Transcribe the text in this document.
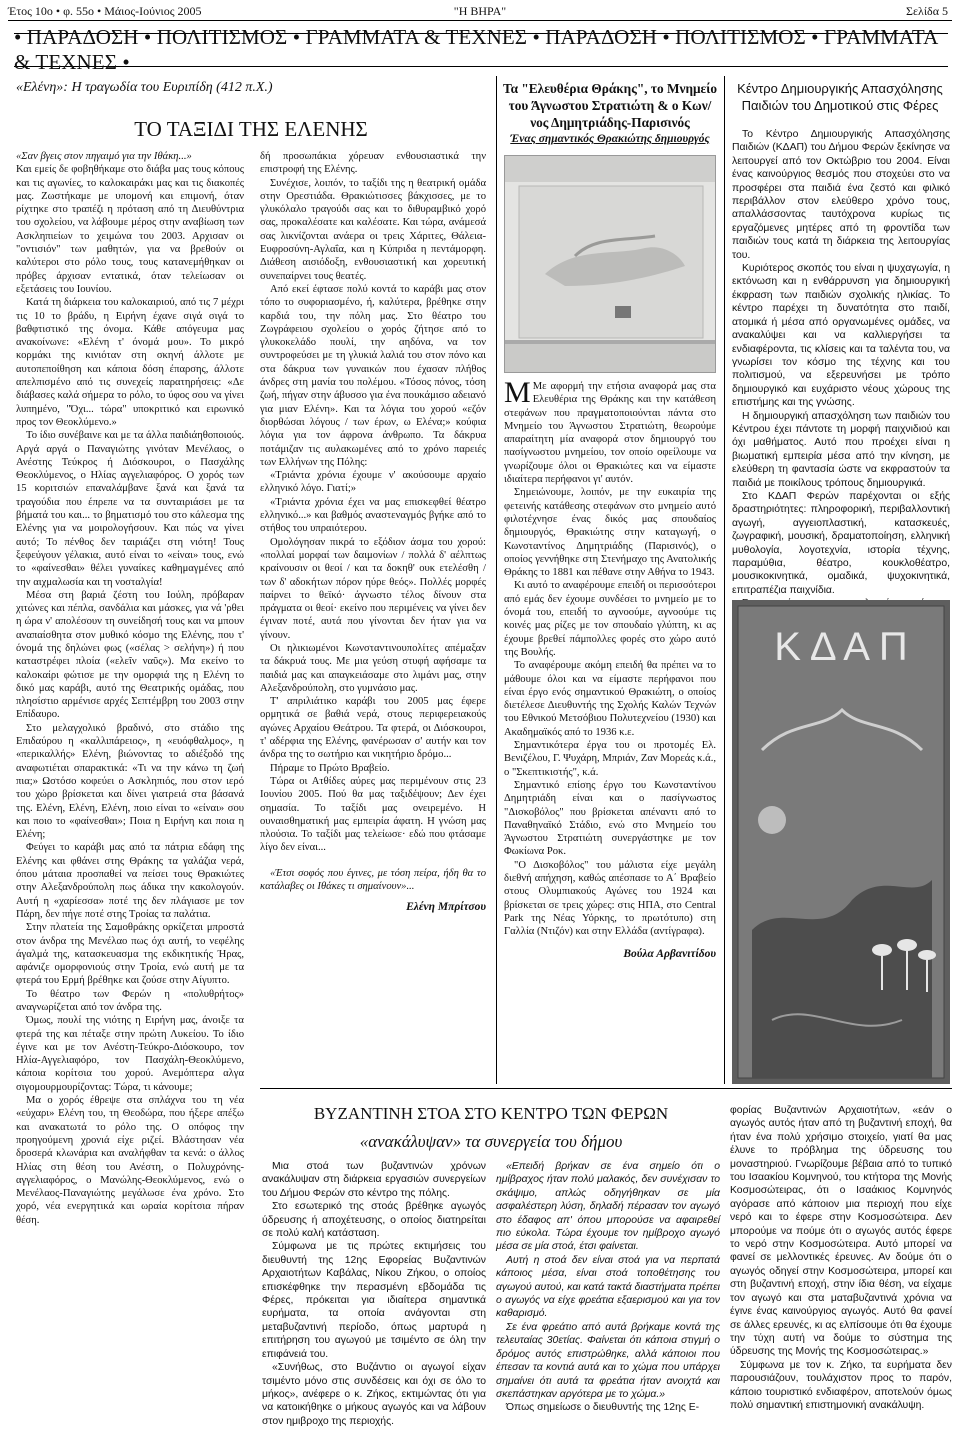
Έτος 10ο • φ. 55ο • Μάιος-Ιούνιος 2005	"Η ΒΗΡΑ"	Σελίδα 5
• ΠΑΡΑΔΟΣΗ • ΠΟΛΙΤΙΣΜΟΣ • ΓΡΑΜΜΑΤΑ & ΤΕΧΝΕΣ • ΠΑΡΑΔΟΣΗ • ΠΟΛΙΤΙΣΜΟΣ • ΓΡΑΜΜΑΤΑ & ΤΕΧΝΕΣ •
«Ελένη»: Η τραγωδία του Ευριπίδη (412 π.Χ.)
ΤΟ ΤΑΞΙΔΙ ΤΗΣ ΕΛΕΝΗΣ

«Σαν βγεις στον πηγαιμό για την Ιθάκη...»

Και εμείς δε φοβηθήκαμε στο διάβα μας τους κόπους και τις αγωνίες, το καλοκαιράκι μας και τις διακοπές μας. Ζωστήκαμε με υπομονή και επιμονή, όταν ρίχτηκε στο τραπέζι η πρόταση από τη Διευθύντρια του σχολείου, να λάβουμε μέρος στην αναβίωση των Ασκληπιείων το χειμώνα του 2003. Αρχισαν οι "οντισιόν" των μαθητών, για να βρεθούν οι καλύτεροι στο ρόλο τους, τους κατανεμήθηκαν οι πρόβες άρχισαν εντατικά, όταν τελείωσαν οι εξετάσεις του Ιουνίου.

Κατά τη διάρκεια του καλοκαιριού, από τις 7 μέχρι τις 10 το βράδυ, η Ειρήνη έχανε σιγά σιγά το βαθφτιστικό της όνομα. Κάθε απόγευμα μας ανακοίνωνε: «Ελένη τ' όνομά μου». Το μικρό κορμάκι της κινιόταν στη σκηνή άλλοτε με αυτοπεποίθηση και κάποια δόση έπαρσης, άλλοτε απελπισμένο από τις συνεχείς παρατηρήσεις: «Δε διάβασες καλά σήμερα το ρόλο, το ύφος σου να γίνει λυπημένο, "Όχι... τώρα" υποκριτικό και ειρωνικό προς τον Θεοκλύμενο.»

Το ίδιο συνέβαινε και με τα άλλα παιδιάηθοποιούς. Αργά αργά ο Παναγιώτης γινόταν Μενέλαος, ο Ανέστης Τεύκρος ή Διόσκουροι, ο Πασχάλης Θεοκλύμενος, ο Ηλίας αγγελιαφόρος. Ο χορός των 15 κοριτσιών επαναλάμβανε ξανά και ξανά τα τραγούδια που έπρεπε να τα συνταιριάσει με τα βήματά του και... το βηματισμό του στο κάλεσμα της Ελένης για να μοιρολογήσουν. Και πώς να γίνει αυτό; Το πένθος δεν ταιριάζει στη νιότη! Τους ξεφεύγουν γέλακια, αυτό είναι το «είναι» τους, ενώ το «φαίνεσθαι» θέλει γυναίκες καθημαγμένες από την αιχμαλωσία και τη νοσταλγία!

Μέσα στη βαριά ζέστη του Ιούλη, πρόβαραν χιτώνες και πέπλα, σανδάλια και μάσκες, για νά 'ρθει η ώρα ν' απολέσουν τη συνείδησή τους και να μπουν αναπαίσθητα στον μυθικό κόσμο της Ελένης, που τ' όνομά της δηλώνει φως («σέλας > σελήνη») ή που καταστρέφει πλοία («ελεῖν ναῦς»). Μα εκείνο το καλοκαίρι φώτισε με την ομορφιά της η Ελένη το δικό μας καράβι, αυτό της Θεατρικής ομάδας, που πλησίστιο αρμένισε αρχές Σεπτέμβρη του 2003 στην Επίδαυρο.

Στο μελαγχολικό βραδινό, στο στάδιο της Επιδαύρου η «καλλιπάρειος», η «ευόφθαλμος», η «περικαλλής» Ελένη, βιώνοντας το αδιέξοδό της αναφωτιέται σπαρακτικά: «Τι να την κάνω τη ζωή πια;» Ωστόσο κοφεύει ο Ασκληπιός, που στον ιερό του χώρο βρίσκεται και δίνει γιατρειά στα βάσανά της. Ελένη, Ελένη, Ελένη, ποιο είναι το «είναι» σου και ποιο το «φαίνεσθαι»; Ποια η Ειρήνη και ποια η Ελένη;

Φεύγει το καράβι μας από τα πάτρια εδάφη της Ελένης και φθάνει στης Θράκης τα γαλάζια νερά, όπου μάταια προσπαθεί να πείσει τους Θρακιώτες στην Αλεξανδρούπολη πως άδικα την κακολογούν. Αυτή η «χαρίεσσα» ποτέ της δεν πλάγιασε με τον Πάρη, δεν πήγε ποτέ στης Τροίας τα παλάτια.

Στην πλατεία της Σαμοθράκης ορκίζεται μπροστά στον άνδρα της Μενέλαο πως όχι αυτή, το νεφέλης άγαλμά της, κατασκευασμα της εκδικητικής Ήρας, αφάνιζε ομορφονιούς στην Τροία, ενώ αυτή με τα φτερά του Ερμή βρέθηκε και ζούσε στην Αίγυπτο.

Το θέατρο των Φερών η «πολυθρήτος» αναγνωρίζεται από τον άνδρα της.

Όμως, πουλί της νιότης η Ειρήνη μας, άνοιξε τα φτερά της και πέταξε στην πρώτη Λυκείου. Το ίδιο έγινε και με τον Ανέστη-Τεύκρο-Διόσκουρο, τον Ηλία-Αγγελιαφόρο, τον Πασχάλη-Θεοκλύμενο, κάποια κορίτσια του χορού. Ανεμόπτερα αλγα σιγομουρμουρίζοντας: Τώρα, τι κάνουμε;

Μα ο χορός έθρεψε στα σπλάχνα του τη νέα «εύχαρι» Ελένη του, τη Θεοδώρα, που ήξερε απέξω και ανακατωτά το ρόλο της. Ο οπόφος την προηγούμενη χρονιά είχε ριζεί. Βλάστησαν νέα δροσερά κλωνάρια και αναλήφθαν τα κενά: ο άλλος Ηλίας στη θέση του Ανέστη, ο Πολυχρόνης-αγγελιαφόρος, ο Μανώλης-Θεοκλύμενος, ενώ ο Μενέλαος-Παναγιώτης μεγάλωσε ένα χρόνο. Στο χορό, νέα ενεργητικά και ωραία κορίτσια πήραν θέση.

δή προσωπάκια χόρευαν ενθουσιαστικά την επιστροφή της Ελένης.

Συνέχισε, λοιπόν, το ταξίδι της η θεατρική ομάδα στην Ορεστιάδα. Θρακιώτισσες βάκχισσες, με το γλυκόλαλο τραγούδι σας και το διθυραμβικό χορό σας, προκαλέσατε και καλέσατε. Και τώρα, ανάμεσά σας λικνίζονται ανάερα οι τρεις Χάριτες, Θάλεια-Ευφροσύνη-Αγλαΐα, και η Κύπριδα η πεντάμορφη. Διάθεση αισιόδοξη, ενθουσιαστική και χορευτική συνεπαίρνει τους θεατές.

Από εκεί έφτασε πολύ κοντά το καράβι μας στον τόπο το συφοριασμένο, ή, καλύτερα, βρέθηκε στην καρδιά του, την πόλη μας. Στο θέατρο του Ζωγράφειου σχολείου ο χορός ζήτησε από το γλυκοκελάδο πουλί, την αηδόνα, να τον συντροφεύσει με τη γλυκιά λαλιά του στον πόνο και στα δάκρυα των γυναικών που έχασαν πλήθος άνδρες στη μανία του πολέμου. «Τόσος πόνος, τόση ζωή, πήγαν στην άβυσσο για ένα πουκάμισο αδειανό για μιαν Ελένη». Και τα λόγια του χορού «εζόν διορθώσαι λόγους / των έρων, ω Ελένα;» κούφια λόγια για τον άφρονα άνθρωπο. Τα δάκρυα ποτάμιζαν τις αυλακωμένες από το χρόνο παρειές των Ελλήνων της Πόλης:

«Τριάντα χρόνια έχουμε ν' ακούσουμε αρχαίο ελληνικό λόγο. Γιατί;»

«Τριάντα χρόνια έχει να μας επισκεφθεί θέατρο ελληνικό...» και βαθμός αναστεναγμός βγήκε από το στήθος του υπραιότερου.

Ομολόγησαν πικρά το εξόδιον άσμα του χορού: «πολλαί μορφαί των δαιμονίων / πολλά δ' αέλπτως κραίνουσιν οι θεοί / και τα δοκηθ' ουκ ετελέσθη / των δ' αδοκήτων πόρον ηύρε θεός». Πολλές μορφές παίρνει το θεϊκό· άγνωστο τέλος δίνουν στα πράγματα οι θεοί· εκείνο που περιμένεις να γίνει δεν έγιναν ποτέ, αυτά που γίνονται δεν ήταν για να γίνουν.

Οι ηλικιωμένοι Κωνσταντινουπολίτες απέμαξαν τα δάκρυά τους. Με μια γεύση στυφή αφήσαμε τα παιδιά μας και απαγκειάσαμε στο λιμάνι μας, στην Αλεξανδρούπολη, στο γυμνάσιο μας.

Τ' απριλιάτικο καράβι του 2005 μας έφερε ορμητικά σε βαθιά νερά, στους περιφερειακούς αγώνες Αρχαίου Θεάτρου. Τα φτερά, οι Διόσκουροι, τ' αδέρφια της Ελένης, φανέρωσαν σ' αυτήν και τον άνδρα της το σωτήριο και νικητήριο δρόμο...

Πήραμε το Πρώτο Βραβείο.

Τώρα οι Ατθίδες αύρες μας περιμένουν στις 23 Ιουνίου 2005. Πού θα μας ταξιδέψουν; Δεν έχει σημασία. Το ταξίδι μας ονειρεμένο. Η ουναισθηματική μας εμπειρία άφατη. Η γνώση μας πλούσια. Το ταξίδι μας τελείωσε· εδώ που φτάσαμε λίγο δεν είναι...

«Έτσι σοφός που έγινες, με τόση πείρα, ήδη θα το κατάλαβες οι Ιθάκες τι σημαίνουν»...

Ελένη Μπρίτσου

Τα "Ελευθέρια Θράκης", το Μνημείο του Άγνωστου Στρατιώτη & ο Κων/νος Δημητριάδης-Παρισινός
Ένας σημαντικός Θρακιώτης δημιουργός

Μ Με αφορμή την ετήσια αναφορά μας στα Ελευθέρια της Θράκης και την κατάθεση στεφάνων που πραγματοποιούνται πάντα στο Μνημείο του Άγνωστου Στρατιώτη, θεωρούμε απαραίτητη μία αναφορά στον δημιουργό του πασίγνωστου μνημείου, τον οποίο οφείλουμε να γνωρίζουμε όλοι οι Θρακιώτες και να είμαστε ιδιαίτερα περήφανοι γι' αυτόν.

Σημειώνουμε, λοιπόν, με την ευκαιρία της φετεινής κατάθεσης στεφάνων στο μνημείο αυτό φιλοτέχνησε ένας δικός μας σπουδαίος δημιουργός, Θρακιώτης στην καταγωγή, ο Κωνσταντίνος Δημητριάδης (Παρισινός), ο οποίος γεννήθηκε στη Στενήμαχο της Ανατολικής Θράκης το 1881 και πέθανε στην Αθήνα το 1943.

Κι αυτό το αναφέρουμε επειδή οι περισσότεροι από εμάς δεν έχουμε συνδέσει το μνημείο με το όνομά του, επειδή το αγνοούμε, αγνοούμε τις κοινές μας ρίζες με τον σπουδαίο γλύπτη, κι ας έχουμε βρεθεί πάμπολλες φορές στο χώρο αυτό της Βουλής.

Το αναφέρουμε ακόμη επειδή θα πρέπει να το μάθουμε όλοι και να είμαστε περήφανοι που είναι έργο ενός σημαντικού Θρακιώτη, ο οποίος διετέλεσε Διευθυντής της Σχολής Καλών Τεχνών του Εθνικού Μετσόβιου Πολυτεχνείου (1930) και Ακαδημαϊκός από το 1936 κ.ε.

Σημαντικότερα έργα του οι προτομές Ελ. Βενιζέλου, Γ. Ψυχάρη, Μπριάν, Ζαν Μορεάς κ.ά., ο "Σκεπτικιστής", κ.ά.

Σημαντικό επίσης έργο του Κωνσταντίνου Δημητριάδη είναι και ο πασίγνωστος "Δισκοβόλος" που βρίσκεται απέναντι από το Παναθηναϊκό Στάδιο, ενώ στο Μνημείο του Άγνωστου Στρατιώτη συνεργάστηκε με τον Φωκίωνα Ροκ.

"Ο Δισκοβόλος" του μάλιστα είχε μεγάλη διεθνή απήχηση, καθώς απέσπασε το Α΄ Βραβείο στους Ολυμπιακούς Αγώνες του 1924 και βρίσκεται σε τρεις χώρες: στις ΗΠΑ, στο Central Park της Νέας Υόρκης, το πρωτότυπο) στη Γαλλία (Ντιζόν) και στην Ελλάδα (αντίγραφα).

Βούλα Αρβανιτίδου

Κέντρο Δημιουργικής Απασχόλησης Παιδιών του Δημοτικού στις Φέρες

Το Κέντρο Δημιουργικής Απασχόλησης Παιδιών (ΚΔΑΠ) του Δήμου Φερών ξεκίνησε να λειτουργεί από τον Οκτώβριο του 2004. Είναι ένας καινούργιος θεσμός που στοχεύει στο να προσφέρει στα παιδιά ένα ζεστό και φιλικό περιβάλλον στον ελεύθερο χρόνο τους, απαλλάσσοντας ταυτόχρονα κυρίως τις εργαζόμενες μητέρες από τη φροντίδα των παιδιών τους κατά τη διάρκεια της λειτουργίας του.

Κυριότερος σκοπός του είναι η ψυχαγωγία, η εκτόνωση και η ενθάρρυνση για δημιουργική έκφραση των παιδιών σχολικής ηλικίας. Το κέντρο παρέχει τη δυνατότητα στο παιδί, ατομικά ή μέσα από οργανωμένες ομάδες, να ανακαλύψει και να καλλιεργήσει τα ενδιαφέροντα, τις κλίσεις και τα ταλέντα του, να γνωρίσει τον κόσμο της τέχνης και του πολιτισμού, να εξερευνήσει με τρόπο δημιουργικό και ευχάριστο νέους χώρους της επιστήμης και της γνώσης.

Η δημιουργική απασχόληση των παιδιών του Κέντρου έχει πάντοτε τη μορφή παιχνιδιού και όχι μαθήματος. Αυτό που προέχει είναι η βιωματική εμπειρία μέσα από την κίνηση, με ελεύθερη τη φαντασία ώστε να εκφραστούν τα παιδιά με ποικίλους τρόπους δημιουργικά.

Στο ΚΔΑΠ Φερών παρέχονται οι εξής δραστηριότητες: πληροφορική, περιβαλλοντική αγωγή, αγγειοπλαστική, κατασκευές, ζωγραφική, μουσική, δραματοποίηση, ελληνική μυθολογία, λογοτεχνία, ιστορία τέχνης, παραμύθια, θέατρο, κουκλοθέατρο, μουσικοκινητικά, ομαδικά, ψυχοκινητικά, επιτραπέζια παιχνίδια.

Κ Δ Α Π
ΒΥΖΑΝΤΙΝΗ ΣΤΟΑ ΣΤΟ ΚΕΝΤΡΟ ΤΩΝ ΦΕΡΩΝ
«ανακάλυψαν» τα συνεργεία του δήμου

Μια στοά των βυζαντινών χρόνων ανακάλυψαν στη διάρκεια εργασιών συνεργείων του Δήμου Φερών στο κέντρο της πόλης.

Στο εσωτερικό της στοάς βρέθηκε αγωγός ύδρευσης ή αποχέτευσης, ο οποίος διατηρείται σε πολύ καλή κατάσταση.

Σύμφωνα με τις πρώτες εκτιμήσεις του διευθυντή της 12ης Εφορείας Βυζαντινών Αρχαιοτήτων Καβάλας, Νίκου Ζήκου, ο οποίος επισκέφθηκε την περασμένη εβδομάδα τις Φέρες, πρόκειται για ιδιαίτερα σημαντικά ευρήματα, τα οποία ανάγονται στη μεταβυζαντινή περίοδο, όπως μαρτυρά η επιτήρηση του αγωγού με τσιμέντο σε όλη την επιφάνειά του.

«Συνήθως, στο Βυζάντιο οι αγωγοί είχαν τσιμέντο μόνο στις συνδέσεις και όχι σε όλο το μήκος», ανέφερε ο κ. Ζήκος, εκτιμώντας ότι για να κατοικήθηκε ο μήκους αγωγός και να λάβουν στον ημιβροχο της περιοχής.

«Επειδή βρήκαν σε ένα σημείο ότι ο ημίβραχος ήταν πολύ μαλακός, δεν συνέχισαν το σκάψιμο, απλώς οδηγήθηκαν σε μία ασφαλέστερη λύση, δηλαδή πέρασαν τον αγωγό στο έδαφος απ' όπου μπορούσε να αφαιρεθεί πιο εύκολα. Τώρα έχουμε τον ημίβροχο αγωγό μέσα σε μία στοά, έτσι φαίνεται.

Αυτή η στοά δεν είναι στοά για να περπατά κάποιος μέσα, είναι στοά τοποθέτησης του αγωγού αυτού, και κατά τακτά διαστήματα πρέπει ο αγωγός να είχε φρεάτια εξαερισμού και για τον καθαρισμό.

Σε ένα φρεάτιο από αυτά βρήκαμε κοντά της τελευταίας 30ετίας. Φαίνεται ότι κάποια στιγμή ο δρόμος αυτός επιστρώθηκε, αλλά κάποιοι που έπεσαν τα κοντιά αυτά και το χώμα που υπάρχει σημαίνει ότι αυτά τα φρεάτια ήταν ανοιχτά και σκεπάστηκαν αργότερα με το χώμα.»

Όπως σημείωσε ο διευθυντής της 12ης Ε-

φορίας Βυζαντινών Αρχαιοτήτων, «εάν ο αγωγός αυτός ήταν από τη βυζαντινή εποχή, θα ήταν ένα πολύ χρήσιμο στοιχείο, γιατί θα μας έλυνε το πρόβλημα της ύδρευσης του μοναστηριού. Γνωρίζουμε βέβαια από το τυπικό του Ισαακίου Κομνηνού, του κτήτορα της Μονής Κοσμοσώτειρας, ότι ο Ισαάκιος Κομνηνός αγόρασε από κάποιον μια περιοχή που είχε νερό και το έφερε στην Κοσμοσώτειρα. Δεν μπορούμε να πούμε ότι ο αγωγός αυτός έφερε το νερό στην Κοσμοσώτειρα. Αυτό μπορεί να φανεί σε μελλοντικές έρευνες. Αν δούμε ότι ο αγωγός οδηγεί στην Κοσμοσώτειρα, μπορεί και στη βυζαντινή εποχή, στην ίδια θέση, να είχαμε τον αγωγό και στα ματαβυζαντινά χρόνια να έγινε ένας καινούργιος αγωγός. Αυτό θα φανεί σε άλλες ερευνές, κι ας ελπίσουμε ότι θα έχουμε την τύχη αυτή να δούμε το σύστημα της ύδρευσης της Μονής της Κοσμοσώτειρας.»

Σύμφωνα με τον κ. Ζήκο, τα ευρήματα δεν παρουσιάζουν, τουλάχιστον προς το παρόν, κάποιο τουριστικό ενδιαφέρον, αποτελούν όμως πολύ σημαντική επιστημονική ανακάλυψη.
